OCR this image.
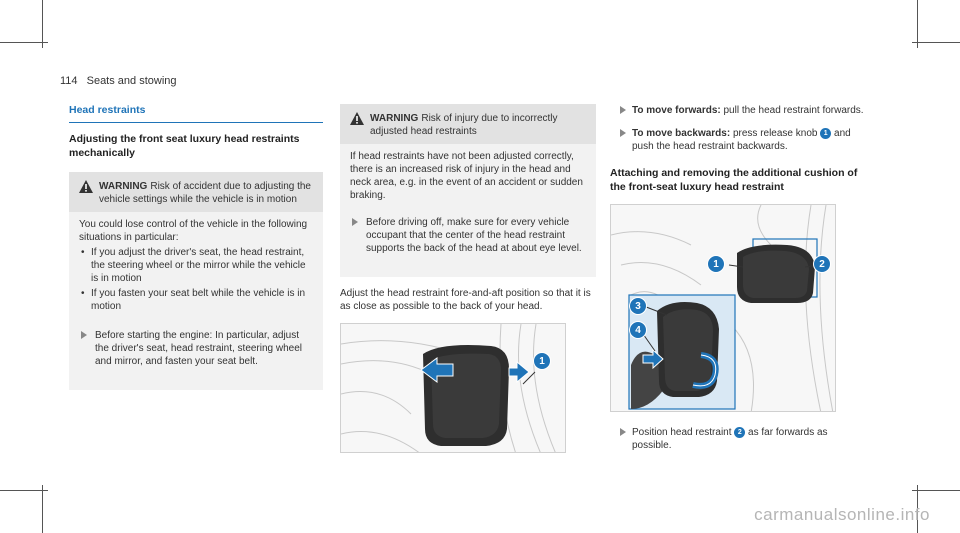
114 Seats and stowing
Head restraints
Adjusting the front seat luxury head restraints mechanically
WARNING Risk of accident due to adjusting the vehicle settings while the vehicle is in motion
You could lose control of the vehicle in the following situations in particular:
• If you adjust the driver's seat, the head restraint, the steering wheel or the mirror while the vehicle is in motion
• If you fasten your seat belt while the vehicle is in motion
Before starting the engine: In particular, adjust the driver's seat, head restraint, steering wheel and mirror, and fasten your seat belt.
WARNING Risk of injury due to incorrectly adjusted head restraints
If head restraints have not been adjusted correctly, there is an increased risk of injury in the head and neck area, e.g. in the event of an accident or sudden braking.
Before driving off, make sure for every vehicle occupant that the center of the head restraint supports the back of the head at about eye level.
Adjust the head restraint fore-and-aft position so that it is as close as possible to the back of your head.
1
To move forwards: pull the head restraint forwards.
To move backwards: press release knob 1 and push the head restraint backwards.
Attaching and removing the additional cushion of the front-seat luxury head restraint
1	2
3
4
Position head restraint 2 as far forwards as possible.
carmanualsonline.info
